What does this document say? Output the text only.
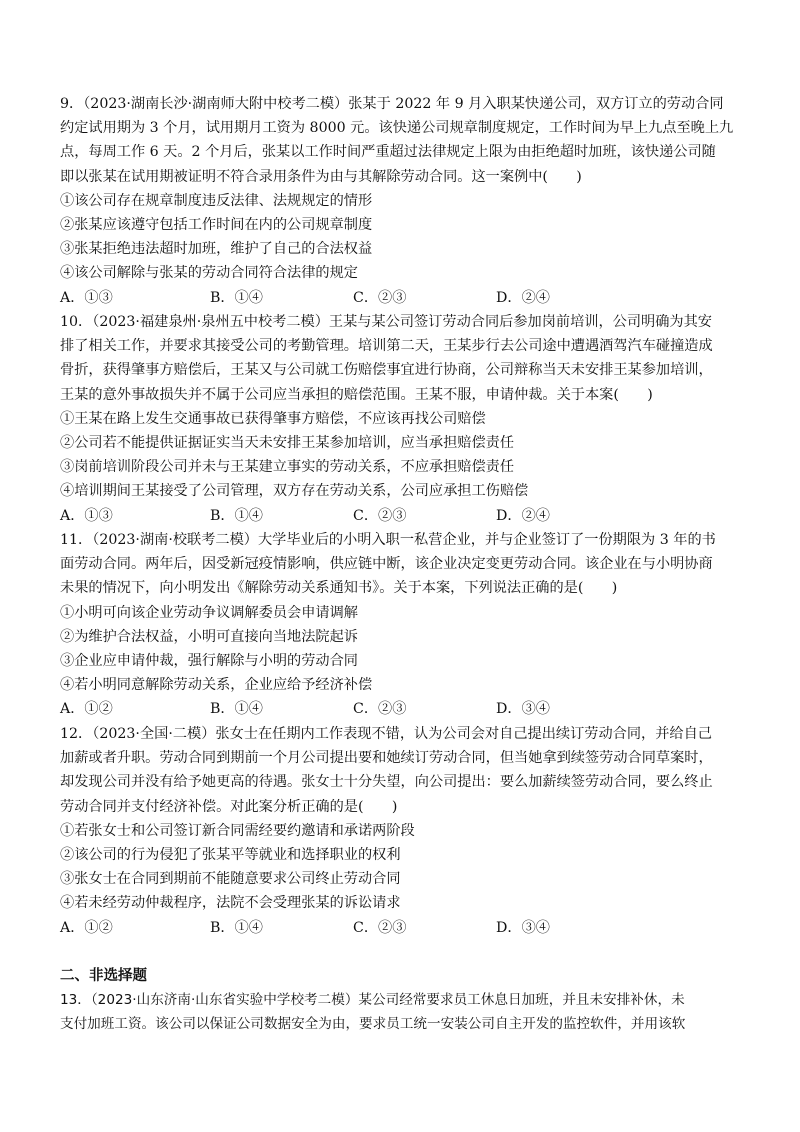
9．（2023·湖南长沙·湖南师大附中校考二模）张某于 2022 年 9 月入职某快递公司，双方订立的劳动合同

约定试用期为 3 个月，试用期月工资为 8000 元。该快递公司规章制度规定，工作时间为早上九点至晚上九

点，每周工作 6 天。2 个月后，张某以工作时间严重超过法律规定上限为由拒绝超时加班，该快递公司随

即以张某在试用期被证明不符合录用条件为由与其解除劳动合同。这一案例中(　　)

①该公司存在规章制度违反法律、法规规定的情形

②张某应该遵守包括工作时间在内的公司规章制度

③张某拒绝违法超时加班，维护了自己的合法权益

④该公司解除与张某的劳动合同符合法律的规定

A．①③	B．①④	C．②③	D．②④

10．（2023·福建泉州·泉州五中校考二模）王某与某公司签订劳动合同后参加岗前培训，公司明确为其安

排了相关工作，并要求其接受公司的考勤管理。培训第二天，王某步行去公司途中遭遇酒驾汽车碰撞造成

骨折，获得肇事方赔偿后，王某又与公司就工伤赔偿事宜进行协商，公司辩称当天未安排王某参加培训，

王某的意外事故损失并不属于公司应当承担的赔偿范围。王某不服，申请仲裁。关于本案(　　)

①王某在路上发生交通事故已获得肇事方赔偿，不应该再找公司赔偿

②公司若不能提供证据证实当天未安排王某参加培训，应当承担赔偿责任

③岗前培训阶段公司并未与王某建立事实的劳动关系，不应承担赔偿责任

④培训期间王某接受了公司管理，双方存在劳动关系，公司应承担工伤赔偿

A．①③	B．①④	C．②③	D．②④

11．（2023·湖南·校联考二模）大学毕业后的小明入职一私营企业，并与企业签订了一份期限为 3 年的书

面劳动合同。两年后，因受新冠疫情影响，供应链中断，该企业决定变更劳动合同。该企业在与小明协商

未果的情况下，向小明发出《解除劳动关系通知书》。关于本案，下列说法正确的是(　　)

①小明可向该企业劳动争议调解委员会申请调解

②为维护合法权益，小明可直接向当地法院起诉

③企业应申请仲裁，强行解除与小明的劳动合同

④若小明同意解除劳动关系，企业应给予经济补偿

A．①②	B．①④	C．②③	D．③④

12．（2023·全国·二模）张女士在任期内工作表现不错，认为公司会对自己提出续订劳动合同，并给自己

加薪或者升职。劳动合同到期前一个月公司提出要和她续订劳动合同，但当她拿到续签劳动合同草案时，

却发现公司并没有给予她更高的待遇。张女士十分失望，向公司提出：要么加薪续签劳动合同，要么终止

劳动合同并支付经济补偿。对此案分析正确的是(　　)

①若张女士和公司签订新合同需经要约邀请和承诺两阶段

②该公司的行为侵犯了张某平等就业和选择职业的权利

③张女士在合同到期前不能随意要求公司终止劳动合同

④若未经劳动仲裁程序，法院不会受理张某的诉讼请求

A．①②	B．①④	C．②③	D．③④
二、非选择题

13．（2023·山东济南·山东省实验中学校考二模）某公司经常要求员工休息日加班，并且未安排补休，未

支付加班工资。该公司以保证公司数据安全为由，要求员工统一安装公司自主开发的监控软件，并用该软
